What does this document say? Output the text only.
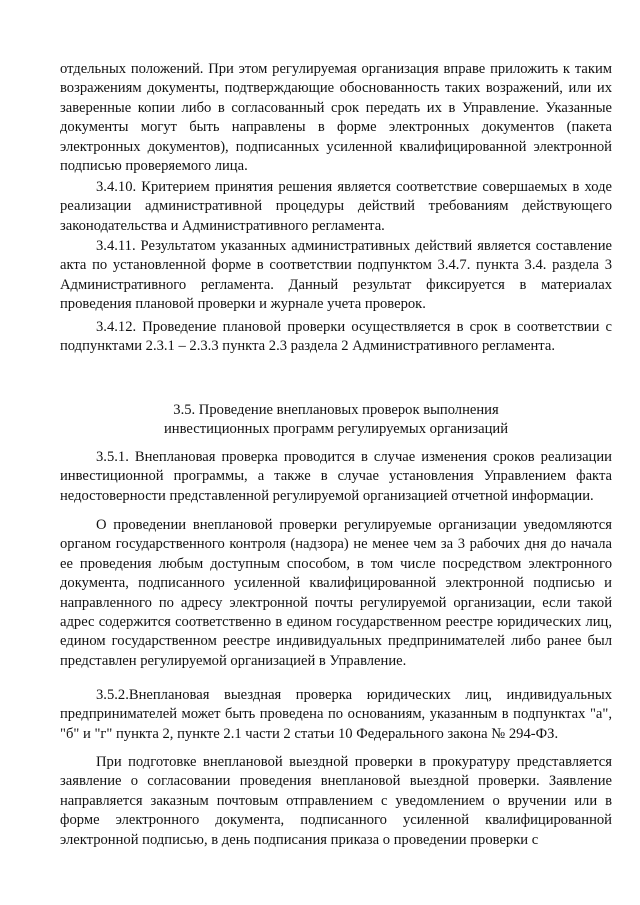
отдельных положений. При этом регулируемая организация вправе приложить к таким возражениям документы, подтверждающие обоснованность таких возражений, или их заверенные копии либо в согласованный срок передать их в Управление. Указанные документы могут быть направлены в форме электронных документов (пакета электронных документов), подписанных усиленной квалифицированной электронной подписью проверяемого лица.

3.4.10. Критерием принятия решения является соответствие совершаемых в ходе реализации административной процедуры действий требованиям действующего законодательства и Административного регламента.

3.4.11. Результатом указанных административных действий является составление акта по установленной форме в соответствии подпунктом 3.4.7. пункта 3.4. раздела 3 Административного регламента. Данный результат фиксируется в материалах проведения плановой проверки и журнале учета проверок.

3.4.12. Проведение плановой проверки осуществляется в срок в соответствии с подпунктами 2.3.1 – 2.3.3 пункта 2.3 раздела 2 Административного регламента.

3.5. Проведение внеплановых проверок выполнения

инвестиционных программ регулируемых организаций

3.5.1. Внеплановая проверка проводится в случае изменения сроков реализации инвестиционной программы, а также в случае установления Управлением факта недостоверности представленной регулируемой организацией отчетной информации.

О проведении внеплановой проверки регулируемые организации уведомляются органом государственного контроля (надзора) не менее чем за 3 рабочих дня до начала ее проведения любым доступным способом, в том числе посредством электронного документа, подписанного усиленной квалифицированной электронной подписью и направленного по адресу электронной почты регулируемой организации, если такой адрес содержится соответственно в едином государственном реестре юридических лиц, едином государственном реестре индивидуальных предпринимателей либо ранее был представлен регулируемой организацией в Управление.

3.5.2.Внеплановая выездная проверка юридических лиц, индивидуальных предпринимателей может быть проведена по основаниям, указанным в подпунктах "а", "б" и "г" пункта 2, пункте 2.1 части 2 статьи 10 Федерального закона № 294-ФЗ.

При подготовке внеплановой выездной проверки в прокуратуру представляется заявление о согласовании проведения внеплановой выездной проверки. Заявление направляется заказным почтовым отправлением с уведомлением о вручении или в форме электронного документа, подписанного усиленной квалифицированной электронной подписью, в день подписания приказа о проведении проверки с
